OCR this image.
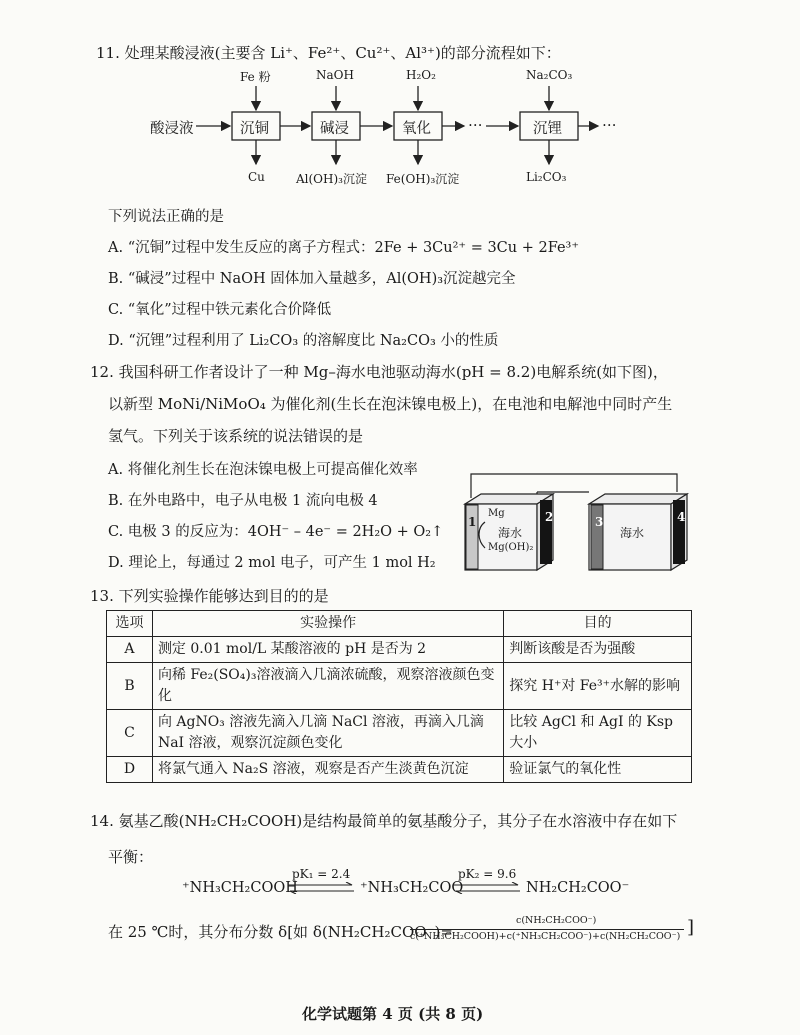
11. 处理某酸浸液(主要含 Li⁺、Fe²⁺、Cu²⁺、Al³⁺)的部分流程如下：
酸浸液	沉铜	碱浸	氧化	沉锂
…	…
Fe 粉	NaOH	H₂O₂	Na₂CO₃
Cu	Al(OH)₃沉淀 Fe(OH)₃沉淀	Li₂CO₃
下列说法正确的是
A. “沉铜”过程中发生反应的离子方程式：2Fe + 3Cu²⁺ = 3Cu + 2Fe³⁺
B. “碱浸”过程中 NaOH 固体加入量越多，Al(OH)₃沉淀越完全
C. “氧化”过程中铁元素化合价降低
D. “沉锂”过程利用了 Li₂CO₃ 的溶解度比 Na₂CO₃ 小的性质
12. 我国科研工作者设计了一种 Mg–海水电池驱动海水(pH = 8.2)电解系统(如下图)，
以新型 MoNi/NiMoO₄ 为催化剂(生长在泡沫镍电极上)，在电池和电解池中同时产生
氢气。下列关于该系统的说法错误的是
A. 将催化剂生长在泡沫镍电极上可提高催化效率
B. 在外电路中，电子从电极 1 流向电极 4
C. 电极 3 的反应为：4OH⁻ – 4e⁻ = 2H₂O + O₂↑
D. 理论上，每通过 2 mol 电子，可产生 1 mol H₂
1	2	3	4
Mg
海水
Mg(OH)₂
海水
13. 下列实验操作能够达到目的的是
选项	实验操作	目的
A	测定 0.01 mol/L 某酸溶液的 pH 是否为 2	判断该酸是否为强酸
B	向稀 Fe₂(SO₄)₃溶液滴入几滴浓硫酸，观察溶液颜色变化	探究 H⁺对 Fe³⁺水解的影响
C	向 AgNO₃ 溶液先滴入几滴 NaCl 溶液，再滴入几滴 NaI 溶液，观察沉淀颜色变化	比较 AgCl 和 AgI 的 Ksp 大小
D	将氯气通入 Na₂S 溶液，观察是否产生淡黄色沉淀	验证氯气的氧化性
14. 氨基乙酸(NH₂CH₂COOH)是结构最简单的氨基酸分子，其分子在水溶液中存在如下
平衡：
⁺NH₃CH₂COOH
pK₁ = 2.4
⁺NH₃CH₂COO⁻
pK₂ = 9.6
NH₂CH₂COO⁻
在 25 ℃时，其分布分数 δ[如 δ(NH₂CH₂COO⁻)=
c(NH₂CH₂COO⁻)
c(⁺NH₃CH₂COOH)+c(⁺NH₃CH₂COO⁻)+c(NH₂CH₂COO⁻) ]
化学试题第 4 页 (共 8 页)
